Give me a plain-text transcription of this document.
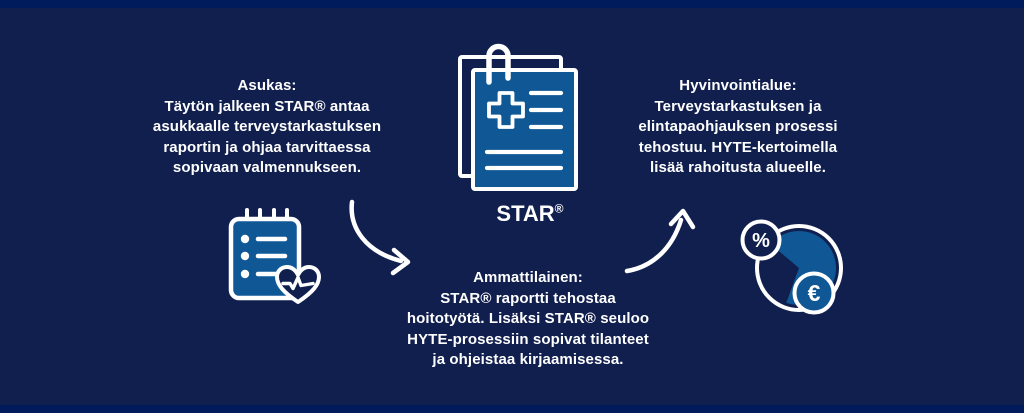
Asukas:
Täytön jalkeen STAR® antaa
asukkaalle terveystarkastuksen
raportin ja ohjaa tarvittaessa
sopivaan valmennukseen.
Hyvinvointialue:
Terveystarkastuksen ja
elintapaohjauksen prosessi
tehostuu. HYTE-kertoimella
lisää rahoitusta alueelle.
Ammattilainen:
STAR® raportti tehostaa
hoitotyötä. Lisäksi STAR® seuloo
HYTE-prosessiin sopivat tilanteet
ja ohjeistaa kirjaamisessa.
STAR®
%
€
